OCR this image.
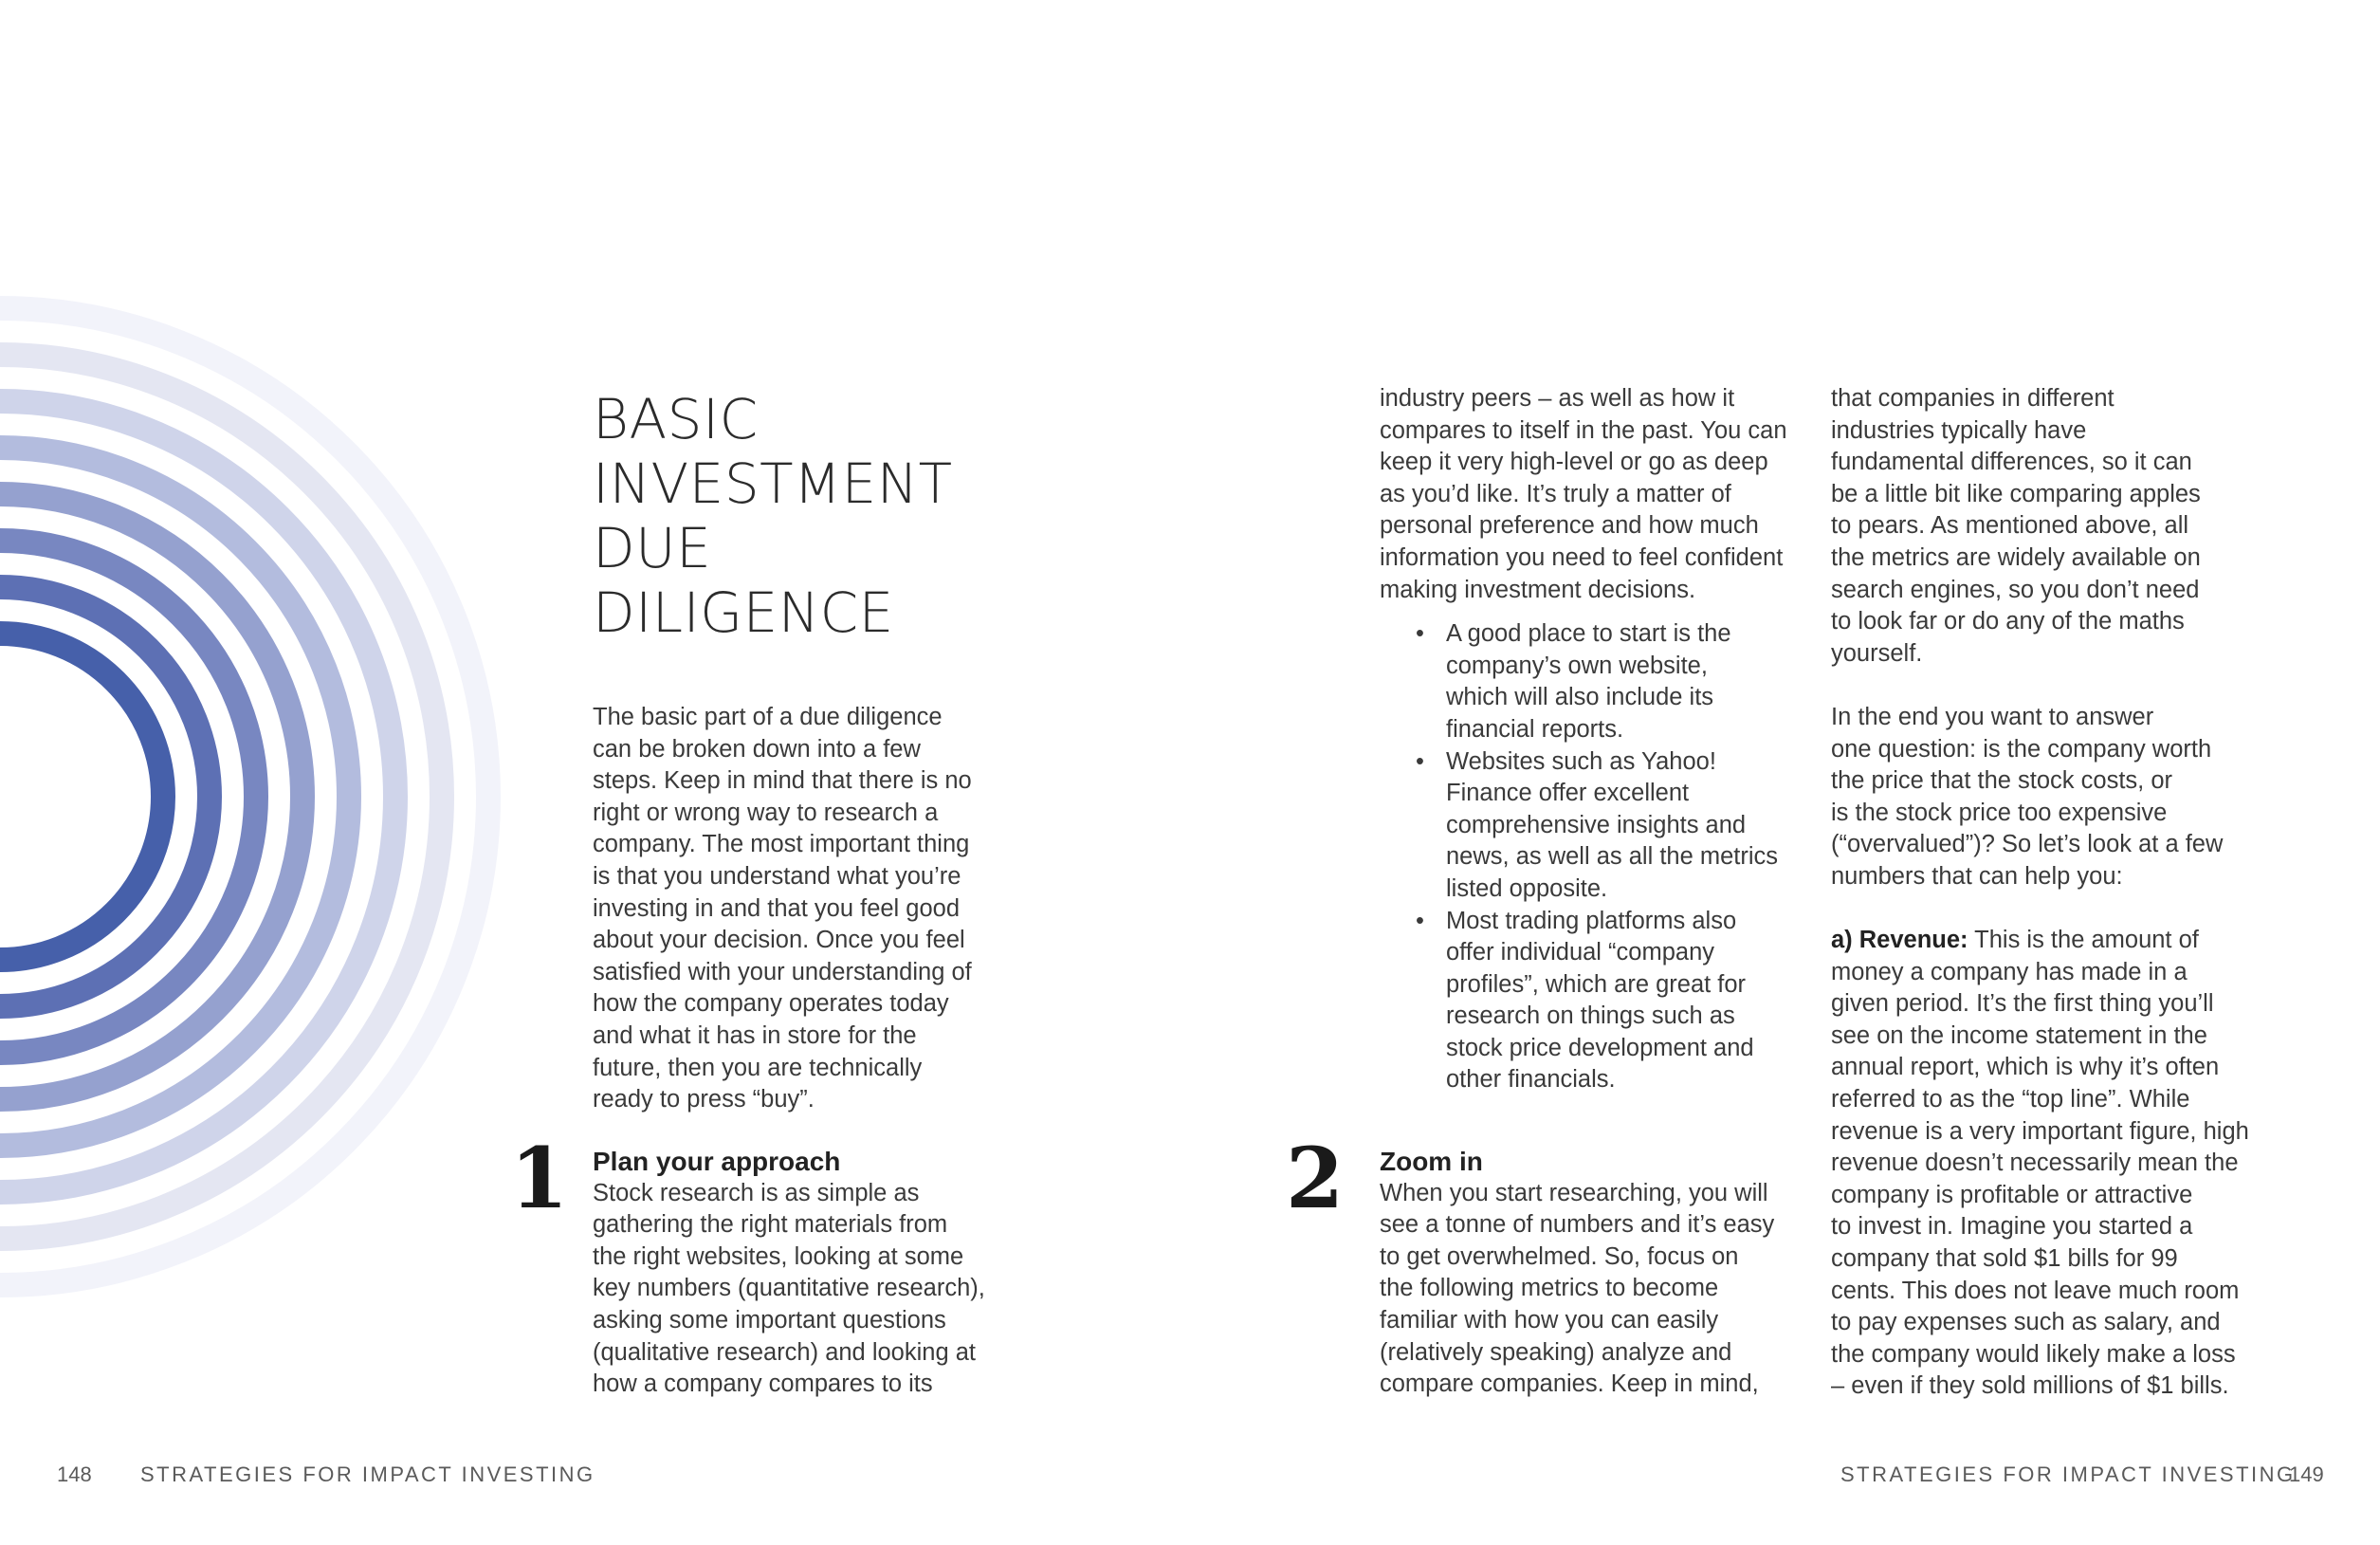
BASIC
INVESTMENT
DUE
DILIGENCE
The basic part of a due diligence
can be broken down into a few
steps. Keep in mind that there is no
right or wrong way to research a
company. The most important thing
is that you understand what you’re
investing in and that you feel good
about your decision. Once you feel
satisfied with your understanding of
how the company operates today
and what it has in store for the
future, then you are technically
ready to press “buy”.
1 Plan your approach
Stock research is as simple as
gathering the right materials from
the right websites, looking at some
key numbers (quantitative research),
asking some important questions
(qualitative research) and looking at
how a company compares to its
148 STRATEGIES FOR IMPACT INVESTING
industry peers – as well as how it
compares to itself in the past. You can
keep it very high-level or go as deep
as you’d like. It’s truly a matter of
personal preference and how much
information you need to feel confident
making investment decisions.
• A good place to start is the
company’s own website,
which will also include its
financial reports.
• Websites such as Yahoo!
Finance offer excellent
comprehensive insights and
news, as well as all the metrics
listed opposite.
• Most trading platforms also
offer individual “company
profiles”, which are great for
research on things such as
stock price development and
other financials.
2 Zoom in
When you start researching, you will
see a tonne of numbers and it’s easy
to get overwhelmed. So, focus on
the following metrics to become
familiar with how you can easily
(relatively speaking) analyze and
compare companies. Keep in mind,
that companies in different
industries typically have
fundamental differences, so it can
be a little bit like comparing apples
to pears. As mentioned above, all
the metrics are widely available on
search engines, so you don’t need
to look far or do any of the maths
yourself.
In the end you want to answer
one question: is the company worth
the price that the stock costs, or
is the stock price too expensive
(“overvalued”)? So let’s look at a few
numbers that can help you:
a) Revenue: This is the amount of
money a company has made in a
given period. It’s the first thing you’ll
see on the income statement in the
annual report, which is why it’s often
referred to as the “top line”. While
revenue is a very important figure, high
revenue doesn’t necessarily mean the
company is profitable or attractive
to invest in. Imagine you started a
company that sold $1 bills for 99
cents. This does not leave much room
to pay expenses such as salary, and
the company would likely make a loss
– even if they sold millions of $1 bills.
STRATEGIES FOR IMPACT INVESTING
149
